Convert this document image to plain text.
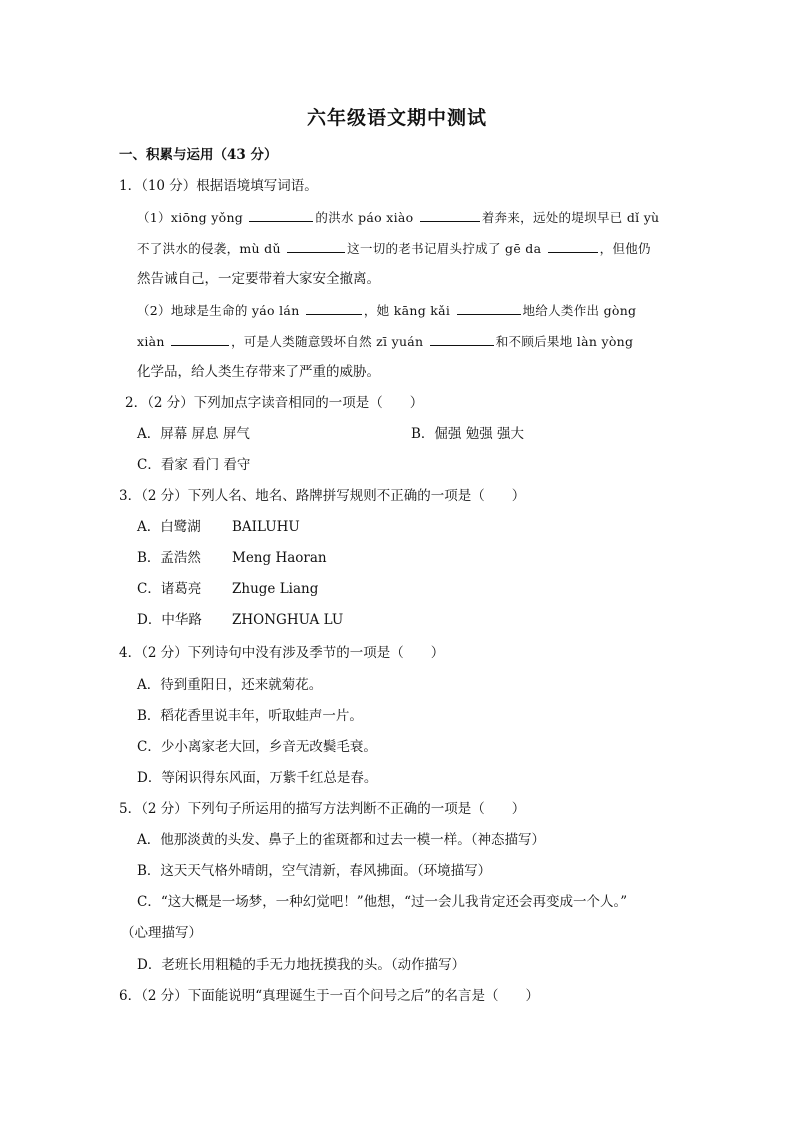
六年级语文期中测试
一、积累与运用（43 分）
1．（10 分）根据语境填写词语。
（1）xiōng yǒng	的洪水 páo xiào	着奔来，远处的堤坝早已 dǐ yù
不了洪水的侵袭，mù dǔ	这一切的老书记眉头拧成了 gē da	，但他仍
然告诫自己，一定要带着大家安全撤离。
（2）地球是生命的 yáo lán	，她 kāng kǎi	地给人类作出 gòng
xiàn	，可是人类随意毁坏自然 zī yuán	和不顾后果地 làn yòng
化学品，给人类生存带来了严重的威胁。
2．（2 分）下列加点字读音相同的一项是（　　）
A．屏幕 屏息 屏气	B．倔强 勉强 强大
C．看家 看门 看守
3．（2 分）下列人名、地名、路牌拼写规则不正确的一项是（　　）
A．白鹭湖 BAILUHU
B．孟浩然 Meng Haoran
C．诸葛亮 Zhuge Liang
D．中华路 ZHONGHUA LU
4．（2 分）下列诗句中没有涉及季节的一项是（　　）
A．待到重阳日，还来就菊花。
B．稻花香里说丰年，听取蛙声一片。
C．少小离家老大回，乡音无改鬓毛衰。
D．等闲识得东风面，万紫千红总是春。
5．（2 分）下列句子所运用的描写方法判断不正确的一项是（　　）
A．他那淡黄的头发、鼻子上的雀斑都和过去一模一样。（神态描写）
B．这天天气格外晴朗，空气清新，春风拂面。（环境描写）
C．“这大概是一场梦，一种幻觉吧！”他想，“过一会儿我肯定还会再变成一个人。”
（心理描写）
D．老班长用粗糙的手无力地抚摸我的头。（动作描写）
6．（2 分）下面能说明“真理诞生于一百个问号之后”的名言是（　　）
